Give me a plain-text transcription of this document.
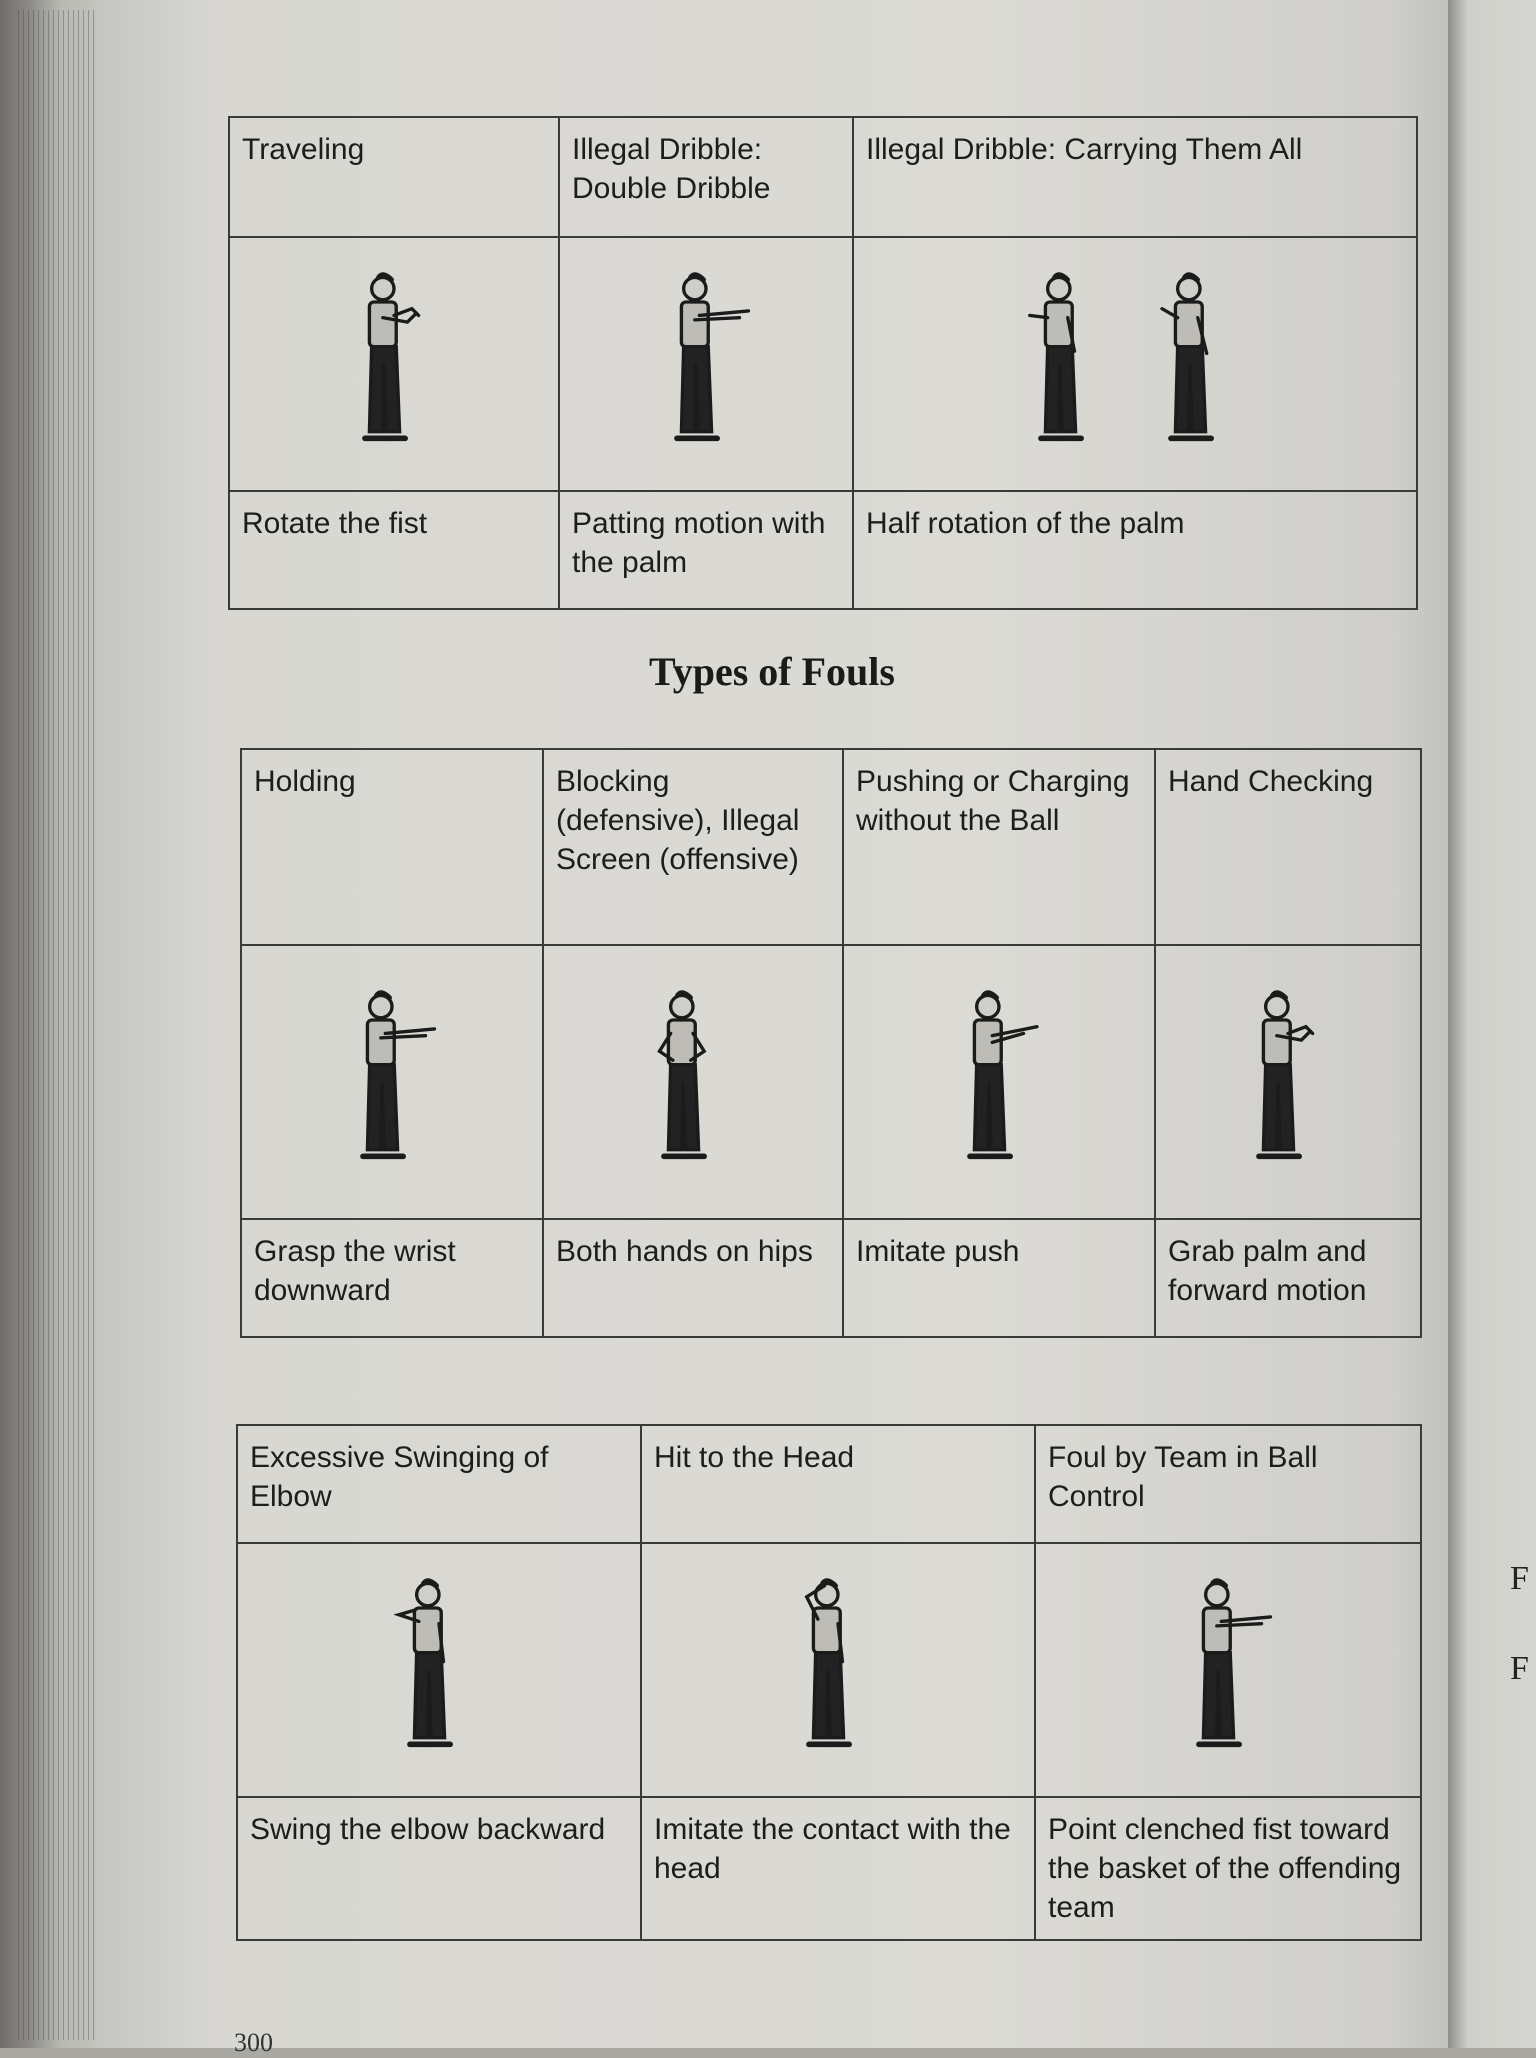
Traveling	Illegal Dribble: Double Dribble	Illegal Dribble: Carrying Them All

Rotate the fist	Patting motion with the palm	Half rotation of the palm
Types of Fouls
Holding	Blocking (defensive), Illegal Screen (offensive)	Pushing or Charging without the Ball	Hand Checking

Grasp the wrist downward	Both hands on hips	Imitate push	Grab palm and forward motion
Excessive Swinging of Elbow	Hit to the Head	Foul by Team in Ball Control

Swing the elbow backward	Imitate the contact with the head	Point clenched fist toward the basket of the offending team
300
F
F
